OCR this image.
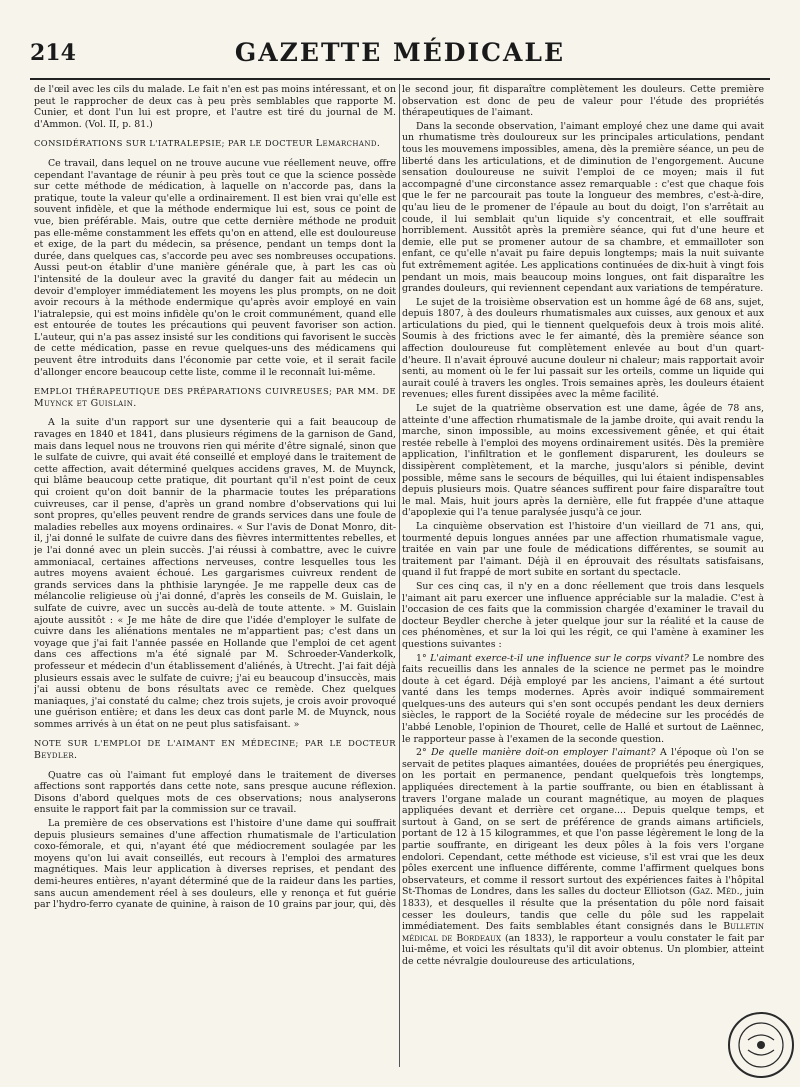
214	GAZETTE MÉDICALE

de l'œil avec les cils du malade. Le fait n'en est pas moins intéressant, et on peut le rapprocher de deux cas à peu près semblables que rapporte M. Cunier, et dont l'un lui est propre, et l'autre est tiré du journal de M. d'Ammon. (Vol. II, p. 81.)

CONSIDÉRATIONS SUR L'IATRALEPSIE; PAR LE DOCTEUR Lemarchand.

Ce travail, dans lequel on ne trouve aucune vue réellement neuve, offre cependant l'avantage de réunir à peu près tout ce que la science possède sur cette méthode de médication, à laquelle on n'accorde pas, dans la pratique, toute la valeur qu'elle a ordinairement. Il est bien vrai qu'elle est souvent infidèle, et que la méthode endermique lui est, sous ce point de vue, bien préférable. Mais, outre que cette dernière méthode ne produit pas elle-même constamment les effets qu'on en attend, elle est douloureuse et exige, de la part du médecin, sa présence, pendant un temps dont la durée, dans quelques cas, s'accorde peu avec ses nombreuses occupations. Aussi peut-on établir d'une manière générale que, à part les cas où l'intensité de la douleur avec la gravité du danger fait au médecin un devoir d'employer immédiatement les moyens les plus prompts, on ne doit avoir recours à la méthode endermique qu'après avoir employé en vain l'iatralepsie, qui est moins infidèle qu'on le croit communément, quand elle est entourée de toutes les précautions qui peuvent favoriser son action. L'auteur, qui n'a pas assez insisté sur les conditions qui favorisent le succès de cette médication, passe en revue quelques-uns des médicamens qui peuvent être introduits dans l'économie par cette voie, et il serait facile d'allonger encore beaucoup cette liste, comme il le reconnaît lui-même.

EMPLOI THÉRAPEUTIQUE DES PRÉPARATIONS CUIVREUSES; PAR MM. DE Muynck et Guislain.

A la suite d'un rapport sur une dysenterie qui a fait beaucoup de ravages en 1840 et 1841, dans plusieurs régimens de la garnison de Gand, mais dans lequel nous ne trouvons rien qui mérite d'être signalé, sinon que le sulfate de cuivre, qui avait été conseillé et employé dans le traitement de cette affection, avait déterminé quelques accidens graves, M. de Muynck, qui blâme beaucoup cette pratique, dit pourtant qu'il n'est point de ceux qui croient qu'on doit bannir de la pharmacie toutes les préparations cuivreuses, car il pense, d'après un grand nombre d'observations qui lui sont propres, qu'elles peuvent rendre de grands services dans une foule de maladies rebelles aux moyens ordinaires. « Sur l'avis de Donat Monro, dit-il, j'ai donné le sulfate de cuivre dans des fièvres intermittentes rebelles, et je l'ai donné avec un plein succès. J'ai réussi à combattre, avec le cuivre ammoniacal, certaines affections nerveuses, contre lesquelles tous les autres moyens avaient échoué. Les gargarismes cuivreux rendent de grands services dans la phthisie laryngée. Je me rappelle deux cas de mélancolie religieuse où j'ai donné, d'après les conseils de M. Guislain, le sulfate de cuivre, avec un succès au-delà de toute attente. » M. Guislain ajoute aussitôt : « Je me hâte de dire que l'idée d'employer le sulfate de cuivre dans les aliénations mentales ne m'appartient pas; c'est dans un voyage que j'ai fait l'année passée en Hollande que l'emploi de cet agent dans ces affections m'a été signalé par M. Schroeder-Vanderkolk, professeur et médecin d'un établissement d'aliénés, à Utrecht. J'ai fait déjà plusieurs essais avec le sulfate de cuivre; j'ai eu beaucoup d'insuccès, mais j'ai aussi obtenu de bons résultats avec ce remède. Chez quelques maniaques, j'ai constaté du calme; chez trois sujets, je crois avoir provoqué une guérison entière; et dans les deux cas dont parle M. de Muynck, nous sommes arrivés à un état on ne peut plus satisfaisant. »

NOTE SUR L'EMPLOI DE L'AIMANT EN MÉDECINE; PAR LE DOCTEUR Beydler.

Quatre cas où l'aimant fut employé dans le traitement de diverses affections sont rapportés dans cette note, sans presque aucune réflexion. Disons d'abord quelques mots de ces observations; nous analyserons ensuite le rapport fait par la commission sur ce travail.

La première de ces observations est l'histoire d'une dame qui souffrait depuis plusieurs semaines d'une affection rhumatismale de l'articulation coxo-fémorale, et qui, n'ayant été que médiocrement soulagée par les moyens qu'on lui avait conseillés, eut recours à l'emploi des armatures magnétiques. Mais leur application à diverses reprises, et pendant des demi-heures entières, n'ayant déterminé que de la raideur dans les parties, sans aucun amendement réel à ses douleurs, elle y renonça et fut guérie par l'hydro-ferro cyanate de quinine, à raison de 10 grains par jour, qui, dès

le second jour, fit disparaître complètement les douleurs. Cette première observation est donc de peu de valeur pour l'étude des propriétés thérapeutiques de l'aimant.

Dans la seconde observation, l'aimant employé chez une dame qui avait un rhumatisme très douloureux sur les principales articulations, pendant tous les mouvemens impossibles, amena, dès la première séance, un peu de liberté dans les articulations, et de diminution de l'engorgement. Aucune sensation douloureuse ne suivit l'emploi de ce moyen; mais il fut accompagné d'une circonstance assez remarquable : c'est que chaque fois que le fer ne parcourait pas toute la longueur des membres, c'est-à-dire, qu'au lieu de le promener de l'épaule au bout du doigt, l'on s'arrêtait au coude, il lui semblait qu'un liquide s'y concentrait, et elle souffrait horriblement. Aussitôt après la première séance, qui fut d'une heure et demie, elle put se promener autour de sa chambre, et emmailloter son enfant, ce qu'elle n'avait pu faire depuis longtemps; mais la nuit suivante fut extrêmement agitée. Les applications continuées de dix-huit à vingt fois pendant un mois, mais beaucoup moins longues, ont fait disparaître les grandes douleurs, qui reviennent cependant aux variations de température.

Le sujet de la troisième observation est un homme âgé de 68 ans, sujet, depuis 1807, à des douleurs rhumatismales aux cuisses, aux genoux et aux articulations du pied, qui le tiennent quelquefois deux à trois mois alité. Soumis à des frictions avec le fer aimanté, dès la première séance son affection douloureuse fut complètement enlevée au bout d'un quart-d'heure. Il n'avait éprouvé aucune douleur ni chaleur; mais rapportait avoir senti, au moment où le fer lui passait sur les orteils, comme un liquide qui aurait coulé à travers les ongles. Trois semaines après, les douleurs étaient revenues; elles furent dissipées avec la même facilité.

Le sujet de la quatrième observation est une dame, âgée de 78 ans, atteinte d'une affection rhumatismale de la jambe droite, qui avait rendu la marche, sinon impossible, au moins excessivement gênée, et qui était restée rebelle à l'emploi des moyens ordinairement usités. Dès la première application, l'infiltration et le gonflement disparurent, les douleurs se dissipèrent complètement, et la marche, jusqu'alors si pénible, devint possible, même sans le secours de béquilles, qui lui étaient indispensables depuis plusieurs mois. Quatre séances suffirent pour faire disparaître tout le mal. Mais, huit jours après la dernière, elle fut frappée d'une attaque d'apoplexie qui l'a tenue paralysée jusqu'à ce jour.

La cinquième observation est l'histoire d'un vieillard de 71 ans, qui, tourmenté depuis longues années par une affection rhumatismale vague, traitée en vain par une foule de médications différentes, se soumit au traitement par l'aimant. Déjà il en éprouvait des résultats satisfaisans, quand il fut frappé de mort subite en sortant du spectacle.

Sur ces cinq cas, il n'y en a donc réellement que trois dans lesquels l'aimant ait paru exercer une influence appréciable sur la maladie. C'est à l'occasion de ces faits que la commission chargée d'examiner le travail du docteur Beydler cherche à jeter quelque jour sur la réalité et la cause de ces phénomènes, et sur la loi qui les régit, ce qui l'amène à examiner les questions suivantes :

1° L'aimant exerce-t-il une influence sur le corps vivant? Le nombre des faits recueillis dans les annales de la science ne permet pas le moindre doute à cet égard. Déjà employé par les anciens, l'aimant a été surtout vanté dans les temps modernes. Après avoir indiqué sommairement quelques-uns des auteurs qui s'en sont occupés pendant les deux derniers siècles, le rapport de la Société royale de médecine sur les procédés de l'abbé Lenoble, l'opinion de Thouret, celle de Hallé et surtout de Laënnec, le rapporteur passe à l'examen de la seconde question.

2° De quelle manière doit-on employer l'aimant? A l'époque où l'on se servait de petites plaques aimantées, douées de propriétés peu énergiques, on les portait en permanence, pendant quelquefois très longtemps, appliquées directement à la partie souffrante, ou bien en établissant à travers l'organe malade un courant magnétique, au moyen de plaques appliquées devant et derrière cet organe.... Depuis quelque temps, et surtout à Gand, on se sert de préférence de grands aimans artificiels, portant de 12 à 15 kilogrammes, et que l'on passe légèrement le long de la partie souffrante, en dirigeant les deux pôles à la fois vers l'organe endolori. Cependant, cette méthode est vicieuse, s'il est vrai que les deux pôles exercent une influence différente, comme l'affirment quelques bons observateurs, et comme il ressort surtout des expériences faites à l'hôpital St-Thomas de Londres, dans les salles du docteur Elliotson (Gaz. Méd., juin 1833), et desquelles il résulte que la présentation du pôle nord faisait cesser les douleurs, tandis que celle du pôle sud les rappelait immédiatement. Des faits semblables étant consignés dans le Bulletin médical de Bordeaux (an 1833), le rapporteur a voulu constater le fait par lui-même, et voici les résultats qu'il dit avoir obtenus. Un plombier, atteint de cette névralgie douloureuse des articulations,
